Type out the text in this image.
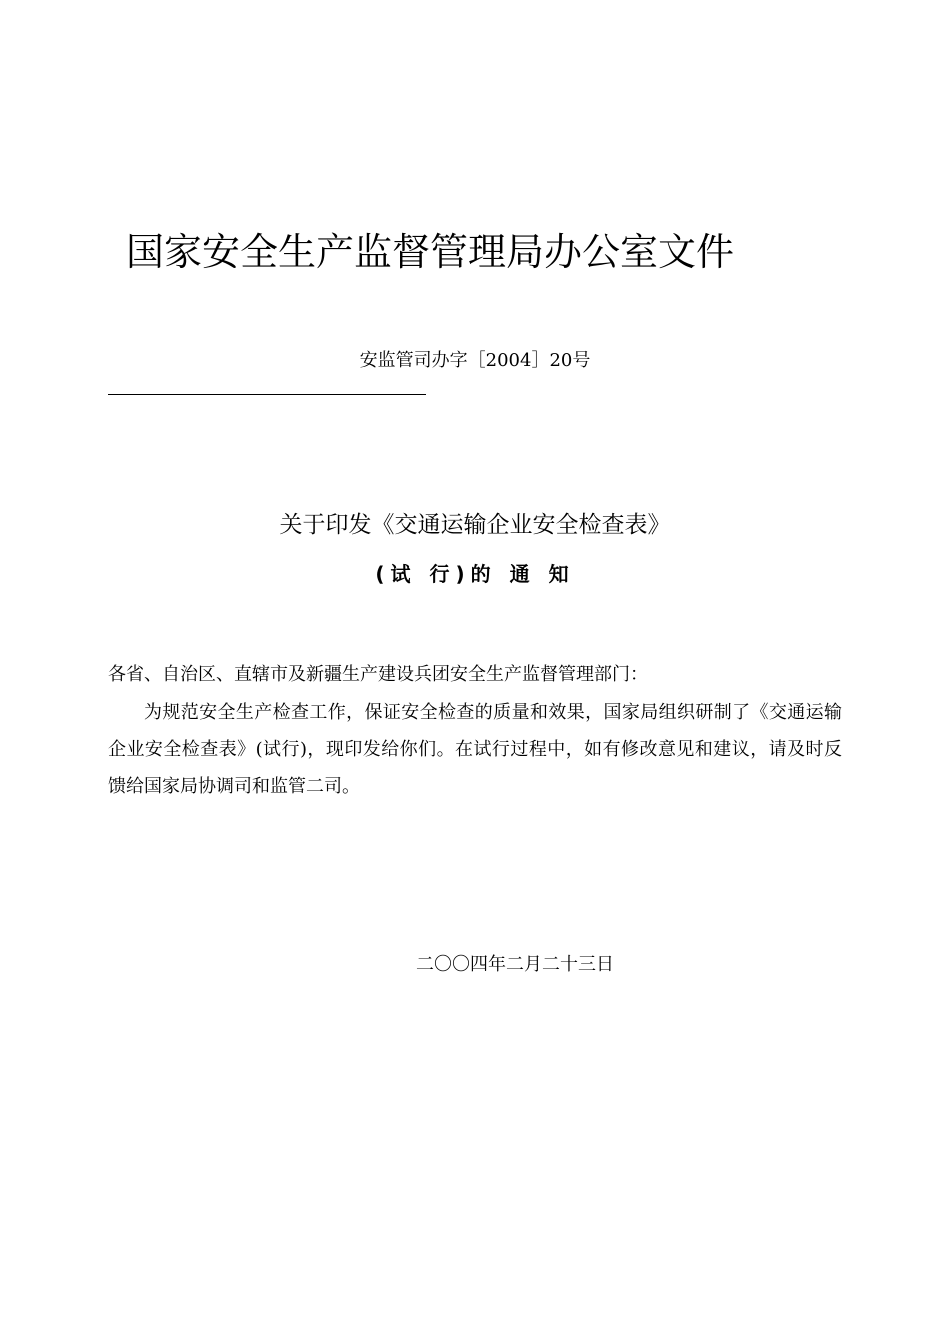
国家安全生产监督管理局办公室文件
安监管司办字［2004］20号
关于印发《交通运输企业安全检查表》
(试 行)的 通 知
各省、自治区、直辖市及新疆生产建设兵团安全生产监督管理部门：

为规范安全生产检查工作，保证安全检查的质量和效果，国家局组织研制了《交通运输企业安全检查表》(试行)，现印发给你们。在试行过程中，如有修改意见和建议，请及时反馈给国家局协调司和监管二司。

二〇〇四年二月二十三日
